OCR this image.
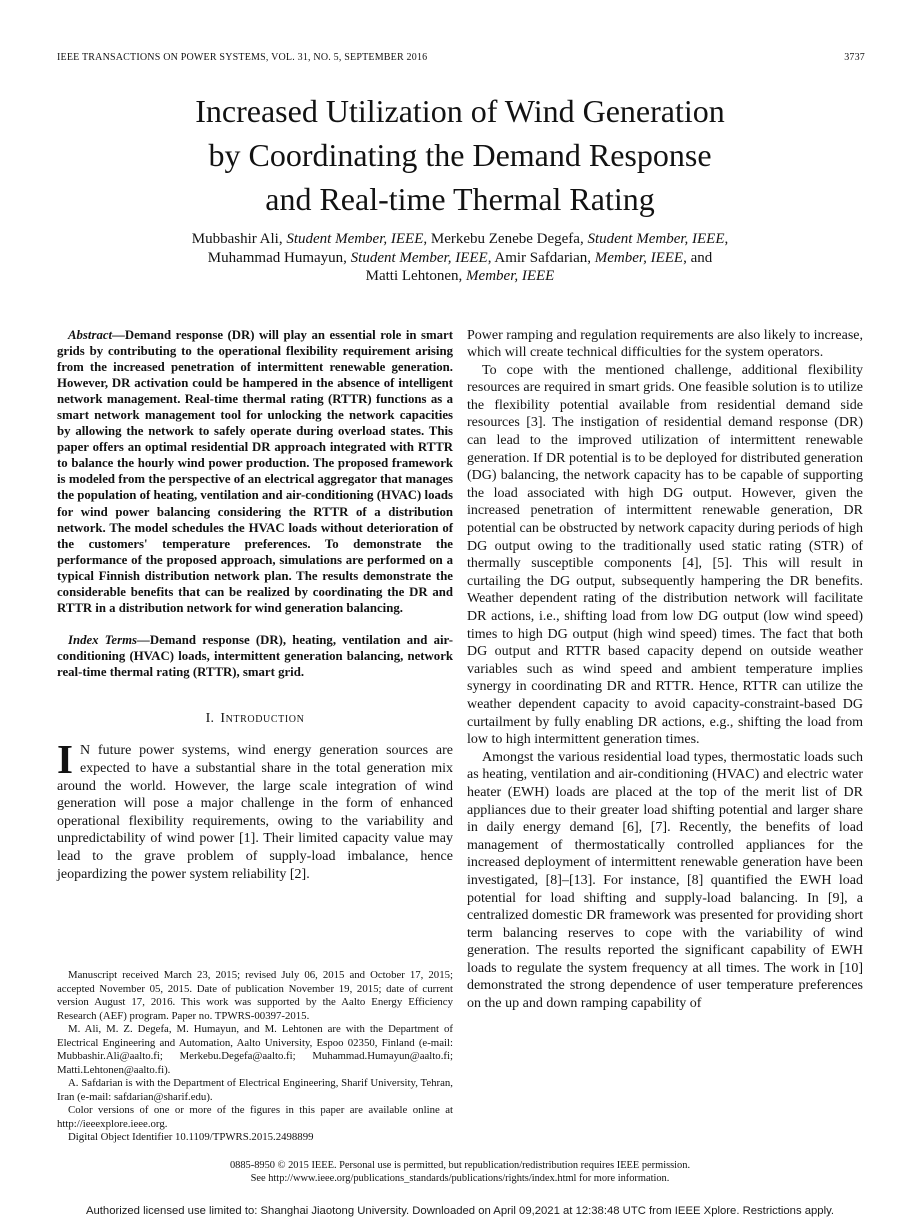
IEEE TRANSACTIONS ON POWER SYSTEMS, VOL. 31, NO. 5, SEPTEMBER 2016	3737
Increased Utilization of Wind Generation
by Coordinating the Demand Response
and Real-time Thermal Rating
Mubbashir Ali, Student Member, IEEE, Merkebu Zenebe Degefa, Student Member, IEEE,
Muhammad Humayun, Student Member, IEEE, Amir Safdarian, Member, IEEE, and
Matti Lehtonen, Member, IEEE

Abstract—Demand response (DR) will play an essential role in smart grids by contributing to the operational flexibility requirement arising from the increased penetration of intermittent renewable generation. However, DR activation could be hampered in the absence of intelligent network management. Real-time thermal rating (RTTR) functions as a smart network management tool for unlocking the network capacities by allowing the network to safely operate during overload states. This paper offers an optimal residential DR approach integrated with RTTR to balance the hourly wind power production. The proposed framework is modeled from the perspective of an electrical aggregator that manages the population of heating, ventilation and air-conditioning (HVAC) loads for wind power balancing considering the RTTR of a distribution network. The model schedules the HVAC loads without deterioration of the customers' temperature preferences. To demonstrate the performance of the proposed approach, simulations are performed on a typical Finnish distribution network plan. The results demonstrate the considerable benefits that can be realized by coordinating the DR and RTTR in a distribution network for wind generation balancing.

Index Terms—Demand response (DR), heating, ventilation and air-conditioning (HVAC) loads, intermittent generation balancing, network real-time thermal rating (RTTR), smart grid.

I. Introduction

I N future power systems, wind energy generation sources are expected to have a substantial share in the total generation mix around the world. However, the large scale integration of wind generation will pose a major challenge in the form of enhanced operational flexibility requirements, owing to the variability and unpredictability of wind power [1]. Their limited capacity value may lead to the grave problem of supply-load imbalance, hence jeopardizing the power system reliability [2].

Manuscript received March 23, 2015; revised July 06, 2015 and October 17, 2015; accepted November 05, 2015. Date of publication November 19, 2015; date of current version August 17, 2016. This work was supported by the Aalto Energy Efficiency Research (AEF) program. Paper no. TPWRS-00397-2015.

M. Ali, M. Z. Degefa, M. Humayun, and M. Lehtonen are with the Department of Electrical Engineering and Automation, Aalto University, Espoo 02350, Finland (e-mail: Mubbashir.Ali@aalto.fi; Merkebu.Degefa@aalto.fi; Muhammad.Humayun@aalto.fi; Matti.Lehtonen@aalto.fi).

A. Safdarian is with the Department of Electrical Engineering, Sharif University, Tehran, Iran (e-mail: safdarian@sharif.edu).

Color versions of one or more of the figures in this paper are available online at http://ieeexplore.ieee.org.

Digital Object Identifier 10.1109/TPWRS.2015.2498899

Power ramping and regulation requirements are also likely to increase, which will create technical difficulties for the system operators.

To cope with the mentioned challenge, additional flexibility resources are required in smart grids. One feasible solution is to utilize the flexibility potential available from residential demand side resources [3]. The instigation of residential demand response (DR) can lead to the improved utilization of intermittent renewable generation. If DR potential is to be deployed for distributed generation (DG) balancing, the network capacity has to be capable of supporting the load associated with high DG output. However, given the increased penetration of intermittent renewable generation, DR potential can be obstructed by network capacity during periods of high DG output owing to the traditionally used static rating (STR) of thermally susceptible components [4], [5]. This will result in curtailing the DG output, subsequently hampering the DR benefits. Weather dependent rating of the distribution network will facilitate DR actions, i.e., shifting load from low DG output (low wind speed) times to high DG output (high wind speed) times. The fact that both DG output and RTTR based capacity depend on outside weather variables such as wind speed and ambient temperature implies synergy in coordinating DR and RTTR. Hence, RTTR can utilize the weather dependent capacity to avoid capacity-constraint-based DG curtailment by fully enabling DR actions, e.g., shifting the load from low to high intermittent generation times.

Amongst the various residential load types, thermostatic loads such as heating, ventilation and air-conditioning (HVAC) and electric water heater (EWH) loads are placed at the top of the merit list of DR appliances due to their greater load shifting potential and larger share in daily energy demand [6], [7]. Recently, the benefits of load management of thermostatically controlled appliances for the increased deployment of intermittent renewable generation have been investigated, [8]–[13]. For instance, [8] quantified the EWH load potential for load shifting and supply-load balancing. In [9], a centralized domestic DR framework was presented for providing short term balancing reserves to cope with the variability of wind generation. The results reported the significant capability of EWH loads to regulate the system frequency at all times. The work in [10] demonstrated the strong dependence of user temperature preferences on the up and down ramping capability of

0885-8950 © 2015 IEEE. Personal use is permitted, but republication/redistribution requires IEEE permission.
See http://www.ieee.org/publications_standards/publications/rights/index.html for more information.
Authorized licensed use limited to: Shanghai Jiaotong University. Downloaded on April 09,2021 at 12:38:48 UTC from IEEE Xplore. Restrictions apply.
